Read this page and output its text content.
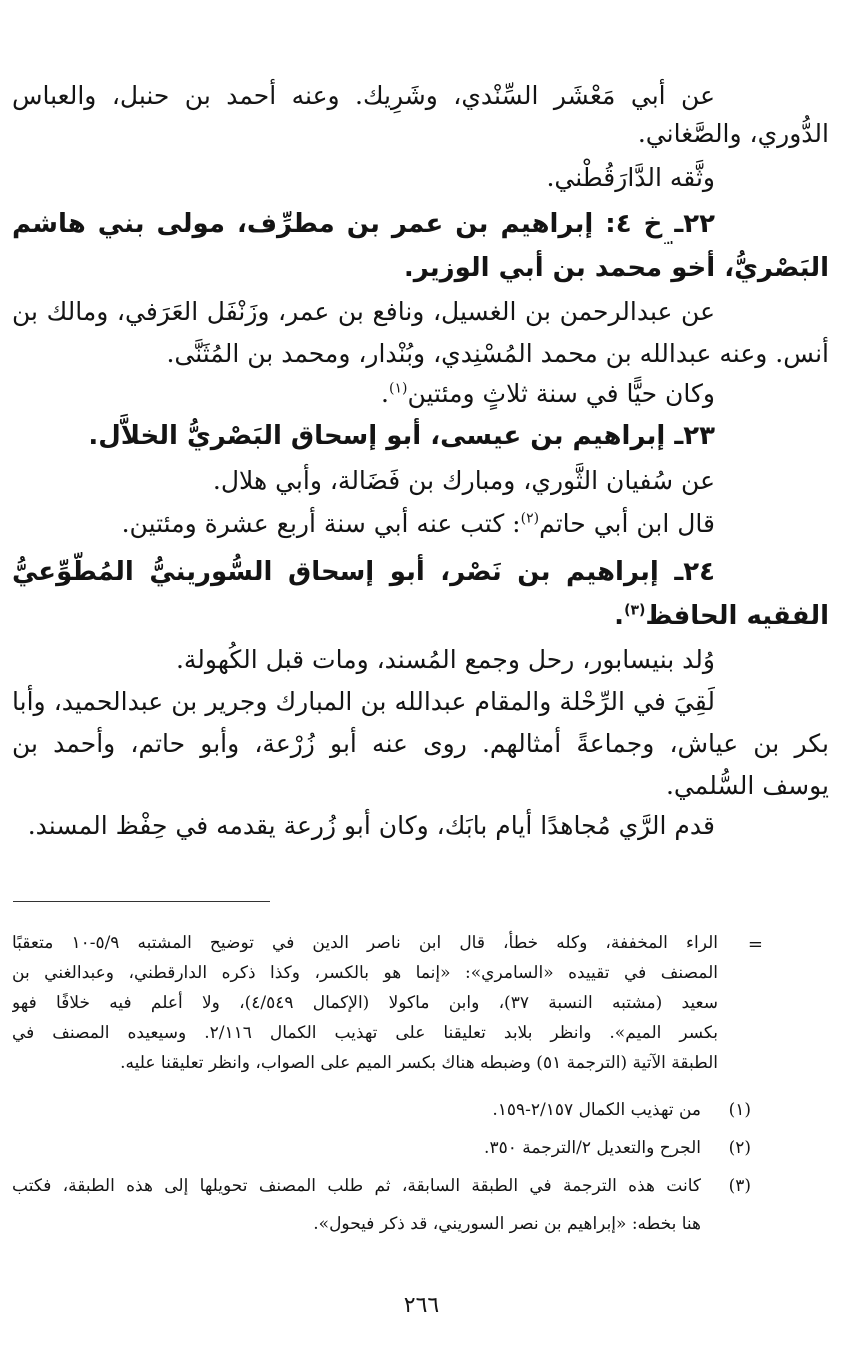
عن أبي مَعْشَر السِّنْدي، وشَرِيك. وعنه أحمد بن حنبل، والعباس
الدُّوري، والصَّغاني.
وثَّقه الدَّارَقُطْني.
٢٢ـ خ ٤: إبراهيم بن عمر بن مطرِّف، مولى بني هاشم
البَصْريُّ، أخو محمد بن أبي الوزير.
عن عبدالرحمن بن الغسيل، ونافع بن عمر، وزَنْفَل العَرَفي، ومالك بن
أنس. وعنه عبدالله بن محمد المُسْنِدي، وبُنْدار، ومحمد بن المُثَنَّى.
وكان حيًّا في سنة ثلاثٍ ومئتين$^{(١)}$.
٢٣ـ إبراهيم بن عيسى، أبو إسحاق البَصْريُّ الخلاَّل.
عن سُفيان الثَّوري، ومبارك بن فَضَالة، وأبي هلال.
قال ابن أبي حاتم$^{(٢)}$: كتب عنه أبي سنة أربع عشرة ومئتين.
٢٤ـ إبراهيم بن نَصْر، أبو إسحاق السُّورينيُّ المُطَّوِّعيُّ
الفقيه الحافظ$^{(٣)}$.
وُلد بنيسابور، رحل وجمع المُسند، ومات قبل الكُهولة.
لَقِيَ في الرِّحْلة والمقام عبدالله بن المبارك وجرير بن عبدالحميد، وأبا
بكر بن عياش، وجماعةً أمثالهم. روى عنه أبو زُرْعة، وأبو حاتم، وأحمد بن
يوسف السُّلمي.
قدم الرَّي مُجاهدًا أيام بابَك، وكان أبو زُرعة يقدمه في حِفْظ المسند.
=
الراء المخففة، وكله خطأ، قال ابن ناصر الدين في توضيح المشتبه ٥/٩-١٠ متعقبًا
المصنف في تقييده «السامري»: «إنما هو بالكسر، وكذا ذكره الدارقطني، وعبدالغني بن
سعيد (مشتبه النسبة ٣٧)، وابن ماكولا (الإكمال ٤/٥٤٩)، ولا أعلم فيه خلافًا فهو
بكسر الميم». وانظر بلابد تعليقنا على تهذيب الكمال ٢/١١٦. وسيعيده المصنف في
الطبقة الآتية (الترجمة ٥١) وضبطه هناك بكسر الميم على الصواب، وانظر تعليقنا عليه.
(١)
من تهذيب الكمال ٢/١٥٧-١٥٩.
(٢)
الجرح والتعديل ٢/الترجمة ٣٥٠.
(٣)
كانت هذه الترجمة في الطبقة السابقة، ثم طلب المصنف تحويلها إلى هذه الطبقة، فكتب
هنا بخطه: «إبراهيم بن نصر السوريني، قد ذكر فيحول».
٢٦٦
